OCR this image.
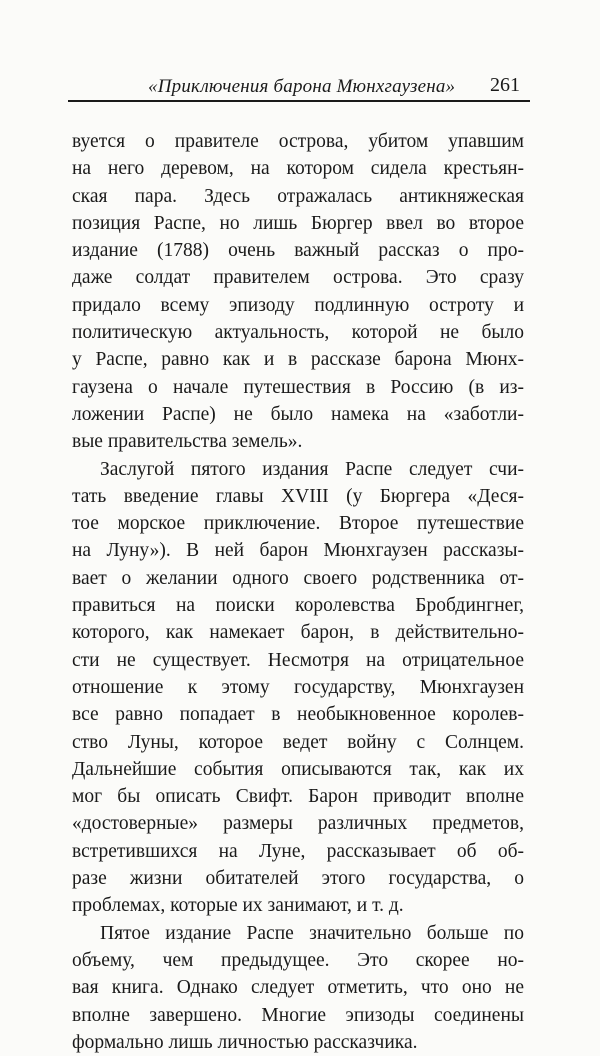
«Приключения барона Мюнхгаузена» 261
вуется о правителе острова, убитом упавшим
на него деревом, на котором сидела крестьян-
ская пара. Здесь отражалась антикняжеская
позиция Распе, но лишь Бюргер ввел во второе
издание (1788) очень важный рассказ о про-
даже солдат правителем острова. Это сразу
придало всему эпизоду подлинную остроту и
политическую актуальность, которой не было
у Распе, равно как и в рассказе барона Мюнх-
гаузена о начале путешествия в Россию (в из-
ложении Распе) не было намека на «заботли-
вые правительства земель».
Заслугой пятого издания Распе следует счи-
тать введение главы XVIII (у Бюргера «Деся-
тое морское приключение. Второе путешествие
на Луну»). В ней барон Мюнхгаузен рассказы-
вает о желании одного своего родственника от-
правиться на поиски королевства Бробдингнег,
которого, как намекает барон, в действительно-
сти не существует. Несмотря на отрицательное
отношение к этому государству, Мюнхгаузен
все равно попадает в необыкновенное королев-
ство Луны, которое ведет войну с Солнцем.
Дальнейшие события описываются так, как их
мог бы описать Свифт. Барон приводит вполне
«достоверные» размеры различных предметов,
встретившихся на Луне, рассказывает об об-
разе жизни обитателей этого государства, о
проблемах, которые их занимают, и т. д.
Пятое издание Распе значительно больше по
объему, чем предыдущее. Это скорее но-
вая книга. Однако следует отметить, что оно не
вполне завершено. Многие эпизоды соединены
формально лишь личностью рассказчика.
